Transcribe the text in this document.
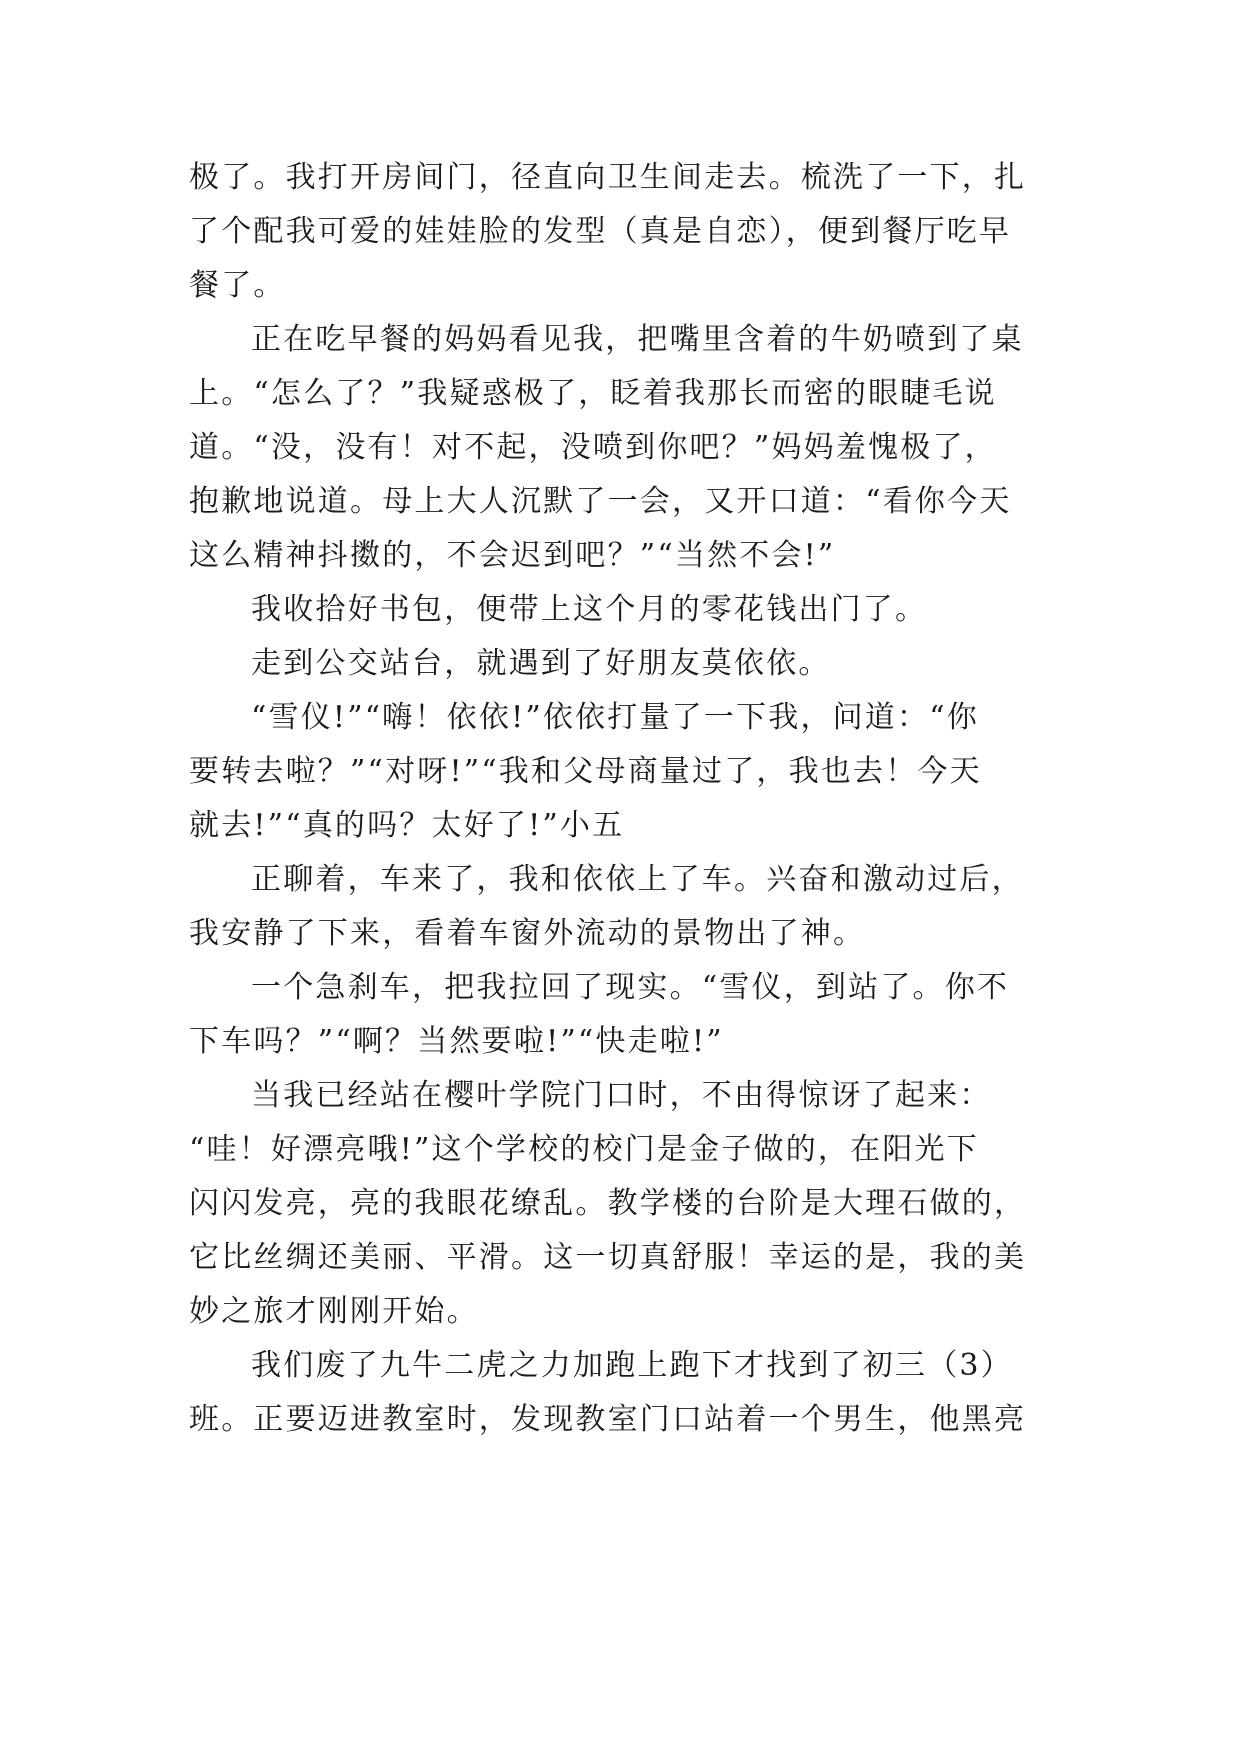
极了。我打开房间门，径直向卫生间走去。梳洗了一下，扎
了个配我可爱的娃娃脸的发型（真是自恋），便到餐厅吃早
餐了。
正在吃早餐的妈妈看见我，把嘴里含着的牛奶喷到了桌
上。“怎么了？”我疑惑极了，眨着我那长而密的眼睫毛说
道。“没，没有！对不起，没喷到你吧？”妈妈羞愧极了，
抱歉地说道。母上大人沉默了一会，又开口道：“看你今天
这么精神抖擞的，不会迟到吧？”“当然不会!”
我收拾好书包，便带上这个月的零花钱出门了。
走到公交站台，就遇到了好朋友莫依依。
“雪仪!”“嗨！依依!”依依打量了一下我，问道：“你
要转去啦？”“对呀!”“我和父母商量过了，我也去！今天
就去!”“真的吗？太好了!”小五
正聊着，车来了，我和依依上了车。兴奋和激动过后，
我安静了下来，看着车窗外流动的景物出了神。
一个急刹车，把我拉回了现实。“雪仪，到站了。你不
下车吗？”“啊？当然要啦!”“快走啦!”
当我已经站在樱叶学院门口时，不由得惊讶了起来：
“哇！好漂亮哦!”这个学校的校门是金子做的，在阳光下
闪闪发亮，亮的我眼花缭乱。教学楼的台阶是大理石做的，
它比丝绸还美丽、平滑。这一切真舒服！幸运的是，我的美
妙之旅才刚刚开始。
我们废了九牛二虎之力加跑上跑下才找到了初三（3）
班。正要迈进教室时，发现教室门口站着一个男生，他黑亮
